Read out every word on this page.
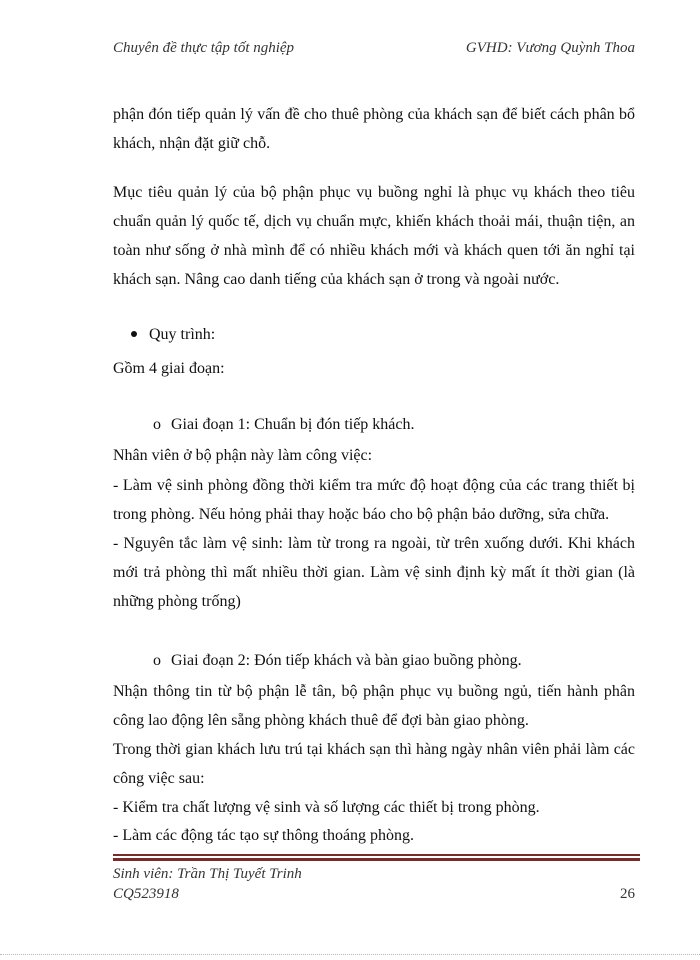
Chuyên đề thực tập tốt nghiệp	GVHD: Vương Quỳnh Thoa
phận đón tiếp quản lý vấn đề cho thuê phòng của khách sạn để biết cách phân bổ khách, nhận đặt giữ chỗ.
Mục tiêu quản lý của bộ phận phục vụ buồng nghỉ là phục vụ khách theo tiêu chuẩn quản lý quốc tế, dịch vụ chuẩn mực, khiến khách thoải mái, thuận tiện, an toàn như sống ở nhà mình để có nhiều khách mới và khách quen tới ăn nghỉ tại khách sạn. Nâng cao danh tiếng của khách sạn ở trong và ngoài nước.
Quy trình:
Gồm 4 giai đoạn:
o Giai đoạn 1: Chuẩn bị đón tiếp khách.
Nhân viên ở bộ phận này làm công việc:
- Làm vệ sinh phòng đồng thời kiểm tra mức độ hoạt động của các trang thiết bị trong phòng. Nếu hỏng phải thay hoặc báo cho bộ phận bảo dưỡng, sửa chữa.
- Nguyên tắc làm vệ sinh: làm từ trong ra ngoài, từ trên xuống dưới. Khi khách mới trả phòng thì mất nhiều thời gian. Làm vệ sinh định kỳ mất ít thời gian (là những phòng trống)
o Giai đoạn 2: Đón tiếp khách và bàn giao buồng phòng.
Nhận thông tin từ bộ phận lễ tân, bộ phận phục vụ buồng ngủ, tiến hành phân công lao động lên sẵng phòng khách thuê để đợi bàn giao phòng.
Trong thời gian khách lưu trú tại khách sạn thì hàng ngày nhân viên phải làm các công việc sau:
- Kiểm tra chất lượng vệ sinh và số lượng các thiết bị trong phòng.
- Làm các động tác tạo sự thông thoáng phòng.
Sinh viên: Trần Thị Tuyết Trinh
CQ523918	26
